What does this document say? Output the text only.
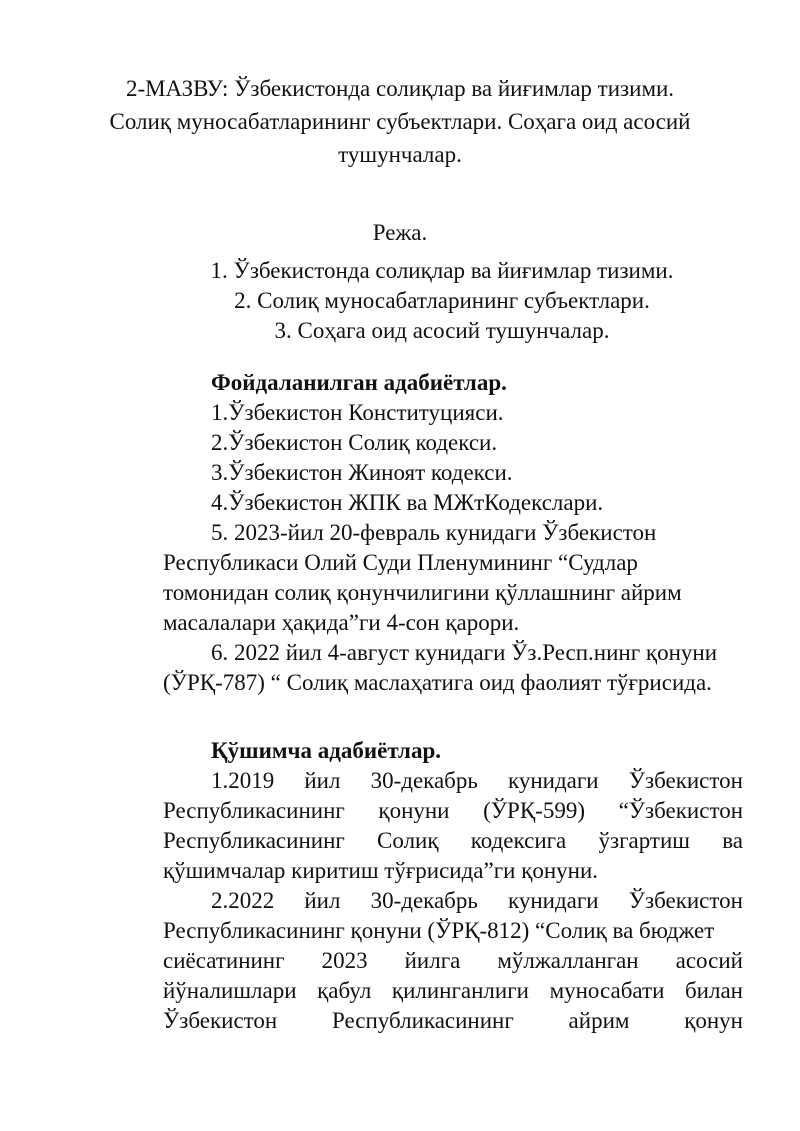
2-МАЗВУ: Ўзбекистонда солиқлар ва йиғимлар тизими.
Солиқ муносабатларининг субъектлари. Соҳага оид асосий
тушунчалар.
Режа.
1. Ўзбекистонда солиқлар ва йиғимлар тизими.
2. Солиқ муносабатларининг субъектлари.
3. Соҳага оид асосий тушунчалар.
Фойдаланилган адабиётлар.
1.Ўзбекистон Конституцияси.
2.Ўзбекистон Солиқ кодекси.
3.Ўзбекистон Жиноят кодекси.
4.Ўзбекистон ЖПК ва МЖтКодекслари.
5. 2023-йил 20-февраль кунидаги Ўзбекистон
Республикаси Олий Суди Пленумининг “Судлар
томонидан солиқ қонунчилигини қўллашнинг айрим
масалалари ҳақида”ги 4-сон қарори.
6. 2022 йил 4-август кунидаги Ўз.Респ.нинг қонуни
(ЎРҚ-787) “ Солиқ маслаҳатига оид фаолият тўғрисида.
Қўшимча адабиётлар.
1.2019 йил 30-декабрь кунидаги Ўзбекистон
Республикасининг қонуни (ЎРҚ-599) “Ўзбекистон
Республикасининг Солиқ кодексига ўзгартиш ва
қўшимчалар киритиш тўғрисида”ги қонуни.
2.2022 йил 30-декабрь кунидаги Ўзбекистон
Республикасининг қонуни (ЎРҚ-812) “Солиқ ва бюджет
сиёсатининг 2023 йилга мўлжалланган асосий
йўналишлари қабул қилинганлиги муносабати билан
Ўзбекистон Республикасининг айрим қонун
